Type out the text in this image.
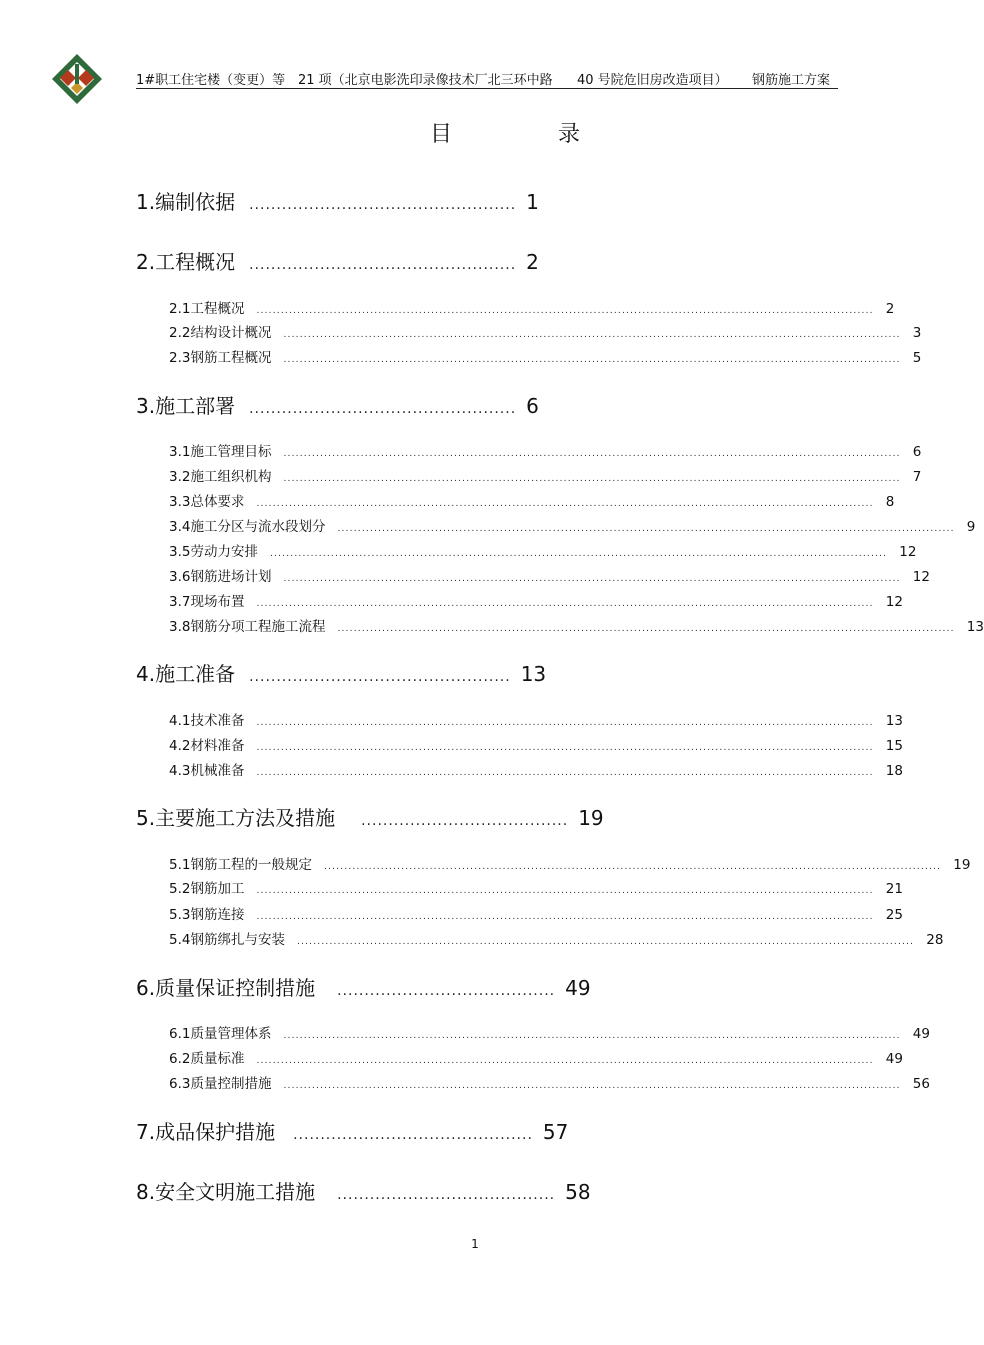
1#职工住宅楼（变更）等 21 项（北京电影洗印录像技术厂北三环中路 40 号院危旧房改造项目） 钢筋施工方案
目	录
1. 编制依据 ................................................. 1
2. 工程概况 ................................................. 2
2.1 工程概况 ........................................................................................................................................................ 2
2.2 结构设计概况 ........................................................................................................................................................ 3
2.3 钢筋工程概况 ........................................................................................................................................................ 5
3. 施工部署 ................................................. 6
3.1 施工管理目标 ........................................................................................................................................................ 6
3.2 施工组织机构 ........................................................................................................................................................ 7
3.3 总体要求 ........................................................................................................................................................ 8
3.4 施工分区与流水段划分 ........................................................................................................................................................ 9
3.5 劳动力安排 ........................................................................................................................................................ 12
3.6 钢筋进场计划 ........................................................................................................................................................ 12
3.7 现场布置 ........................................................................................................................................................ 12
3.8 钢筋分项工程施工流程 ........................................................................................................................................................ 13
4. 施工准备 ................................................ 13
4.1 技术准备 ........................................................................................................................................................ 13
4.2 材料准备 ........................................................................................................................................................ 15
4.3 机械准备 ........................................................................................................................................................ 18
5. 主要施工方法及措施 ...................................... 19
5.1 钢筋工程的一般规定 ........................................................................................................................................................ 19
5.2 钢筋加工 ........................................................................................................................................................ 21
5.3 钢筋连接 ........................................................................................................................................................ 25
5.4 钢筋绑扎与安装 ........................................................................................................................................................ 28
6. 质量保证控制措施 ........................................ 49
6.1 质量管理体系 ........................................................................................................................................................ 49
6.2 质量标准 ........................................................................................................................................................ 49
6.3 质量控制措施 ........................................................................................................................................................ 56
7. 成品保护措施 ............................................ 57
8. 安全文明施工措施 ........................................ 58
1
